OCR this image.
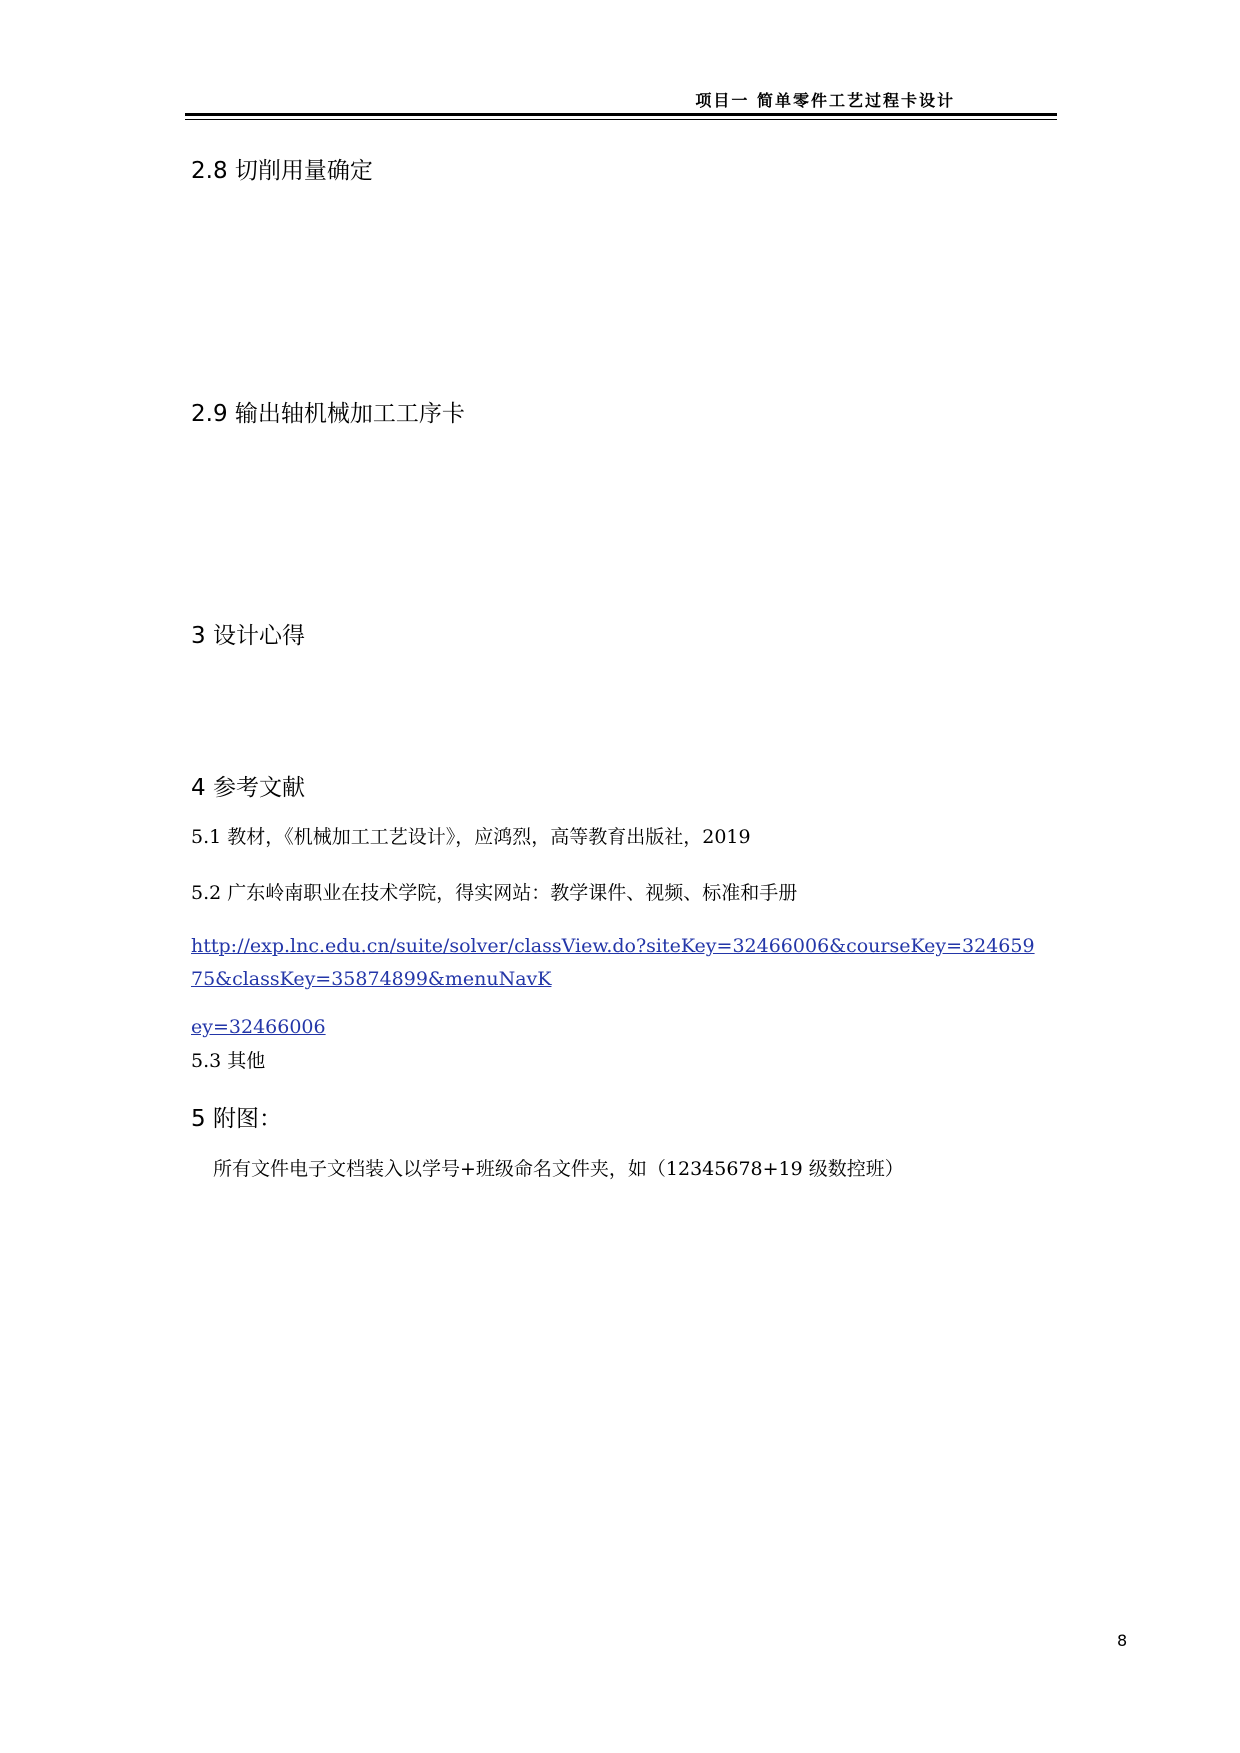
项目一 简单零件工艺过程卡设计
2.8 切削用量确定
2.9 输出轴机械加工工序卡
3 设计心得
4 参考文献
5.1 教材，《机械加工工艺设计》，应鸿烈，高等教育出版社，2019
5.2 广东岭南职业在技术学院，得实网站：教学课件、视频、标准和手册
http://exp.lnc.edu.cn/suite/solver/classView.do?siteKey=32466006&courseKey=324659
75&classKey=35874899&menuNavK
ey=32466006
5.3 其他
5 附图：
所有文件电子文档装入以学号+班级命名文件夹，如（12345678+19 级数控班）
8
